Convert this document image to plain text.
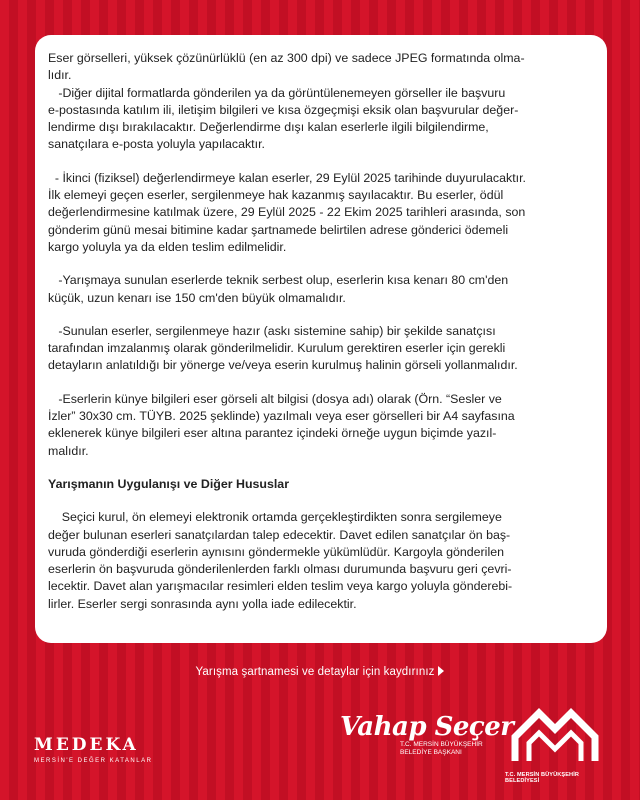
Eser görselleri, yüksek çözünürlüklü (en az 300 dpi) ve sadece JPEG formatında olma-
lıdır.
-Diğer dijital formatlarda gönderilen ya da görüntülenemeyen görseller ile başvuru
e-postasında katılım ili, iletişim bilgileri ve kısa özgeçmişi eksik olan başvurular değer-
lendirme dışı bırakılacaktır. Değerlendirme dışı kalan eserlerle ilgili bilgilendirme,
sanatçılara e-posta yoluyla yapılacaktır.

- İkinci (fiziksel) değerlendirmeye kalan eserler, 29 Eylül 2025 tarihinde duyurulacaktır.
İlk elemeyi geçen eserler, sergilenmeye hak kazanmış sayılacaktır. Bu eserler, ödül
değerlendirmesine katılmak üzere, 29 Eylül 2025 - 22 Ekim 2025 tarihleri arasında, son
gönderim günü mesai bitimine kadar şartnamede belirtilen adrese gönderici ödemeli
kargo yoluyla ya da elden teslim edilmelidir.

-Yarışmaya sunulan eserlerde teknik serbest olup, eserlerin kısa kenarı 80 cm'den
küçük, uzun kenarı ise 150 cm'den büyük olmamalıdır.

-Sunulan eserler, sergilenmeye hazır (askı sistemine sahip) bir şekilde sanatçısı
tarafından imzalanmış olarak gönderilmelidir. Kurulum gerektiren eserler için gerekli
detayların anlatıldığı bir yönerge ve/veya eserin kurulmuş halinin görseli yollanmalıdır.

-Eserlerin künye bilgileri eser görseli alt bilgisi (dosya adı) olarak (Örn. “Sesler ve
İzler” 30x30 cm. TÜYB. 2025 şeklinde) yazılmalı veya eser görselleri bir A4 sayfasına
eklenerek künye bilgileri eser altına parantez içindeki örneğe uygun biçimde yazıl-
malıdır.

Yarışmanın Uygulanışı ve Diğer Hususlar

Seçici kurul, ön elemeyi elektronik ortamda gerçekleştirdikten sonra sergilemeye
değer bulunan eserleri sanatçılardan talep edecektir. Davet edilen sanatçılar ön baş-
vuruda gönderdiği eserlerin aynısını göndermekle yükümlüdür. Kargoyla gönderilen
eserlerin ön başvuruda gönderilenlerden farklı olması durumunda başvuru geri çevri-
lecektir. Davet alan yarışmacılar resimleri elden teslim veya kargo yoluyla gönderebi-
lirler. Eserler sergi sonrasında aynı yolla iade edilecektir.

Yarışma şartnamesi ve detaylar için kaydırınız
MEDEKA
MERSİN'E DEĞER KATANLAR
Vahap Seçer
T.C. MERSİN BÜYÜKŞEHİR
BELEDİYE BAŞKANI
T.C. MERSİN BÜYÜKŞEHİR BELEDİYESİ
